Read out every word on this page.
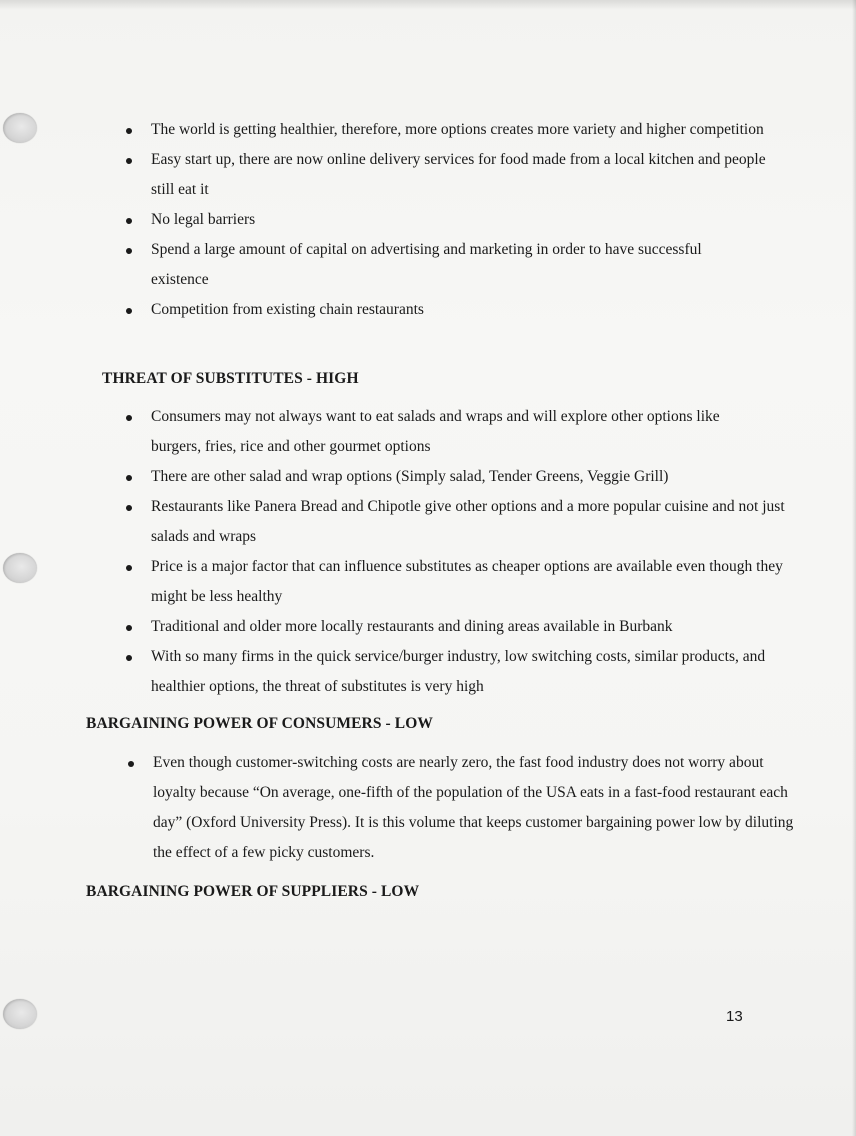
The world is getting healthier, therefore, more options creates more variety and higher competition
Easy start up, there are now online delivery services for food made from a local kitchen and people still eat it
No legal barriers
Spend a large amount of capital on advertising and marketing in order to have successful existence
Competition from existing chain restaurants
THREAT OF SUBSTITUTES - HIGH
Consumers may not always want to eat salads and wraps and will explore other options like burgers, fries, rice and other gourmet options
There are other salad and wrap options (Simply salad, Tender Greens, Veggie Grill)
Restaurants like Panera Bread and Chipotle give other options and a more popular cuisine and not just salads and wraps
Price is a major factor that can influence substitutes as cheaper options are available even though they might be less healthy
Traditional and older more locally restaurants and dining areas available in Burbank
With so many firms in the quick service/burger industry, low switching costs, similar products, and healthier options, the threat of substitutes is very high
BARGAINING POWER OF CONSUMERS - LOW
Even though customer-switching costs are nearly zero, the fast food industry does not worry about loyalty because “On average, one-fifth of the population of the USA eats in a fast-food restaurant each day” (Oxford University Press). It is this volume that keeps customer bargaining power low by diluting the effect of a few picky customers.
BARGAINING POWER OF SUPPLIERS - LOW
13
